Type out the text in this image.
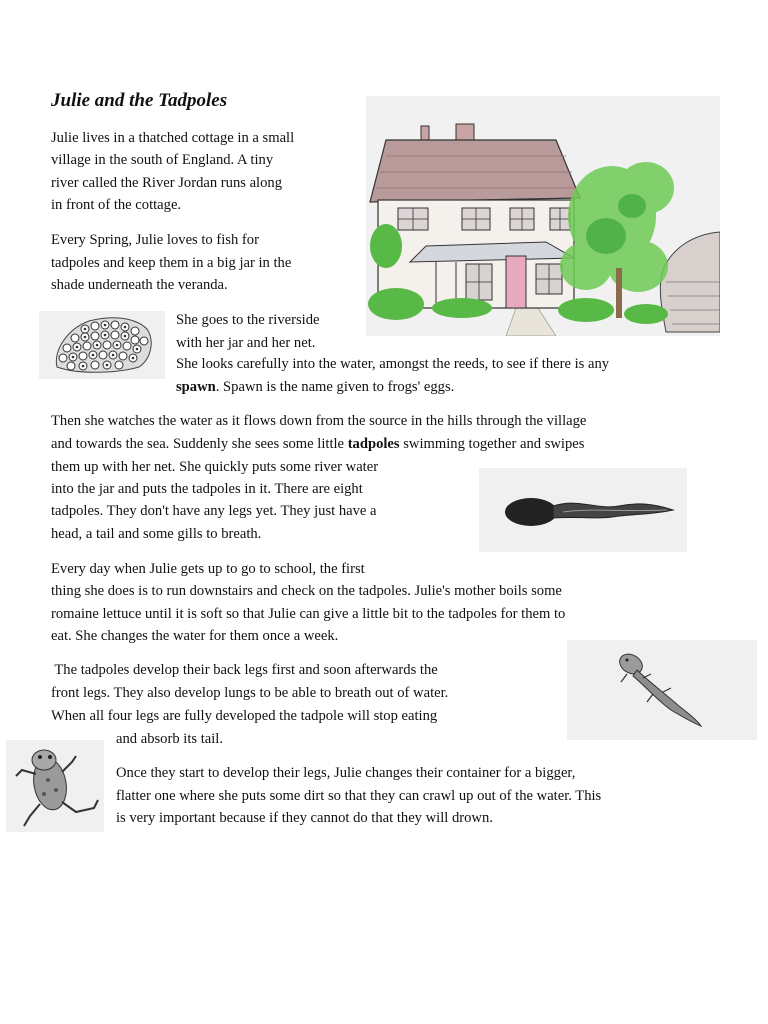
Julie and the Tadpoles

Julie lives in a thatched cottage in a small

village in the south of England. A tiny

river called the River Jordan runs along

in front of the cottage.

Every Spring, Julie loves to fish for

tadpoles and keep them in a big jar in the

shade underneath the veranda.

She goes to the riverside

with her jar and her net.

She looks carefully into the water, amongst the reeds, to see if there is any

spawn. Spawn is the name given to frogs' eggs.

Then she watches the water as it flows down from the source in the hills through the village

and towards the sea. Suddenly she sees some little tadpoles swimming together and swipes

them up with her net. She quickly puts some river water

into the jar and puts the tadpoles in it. There are eight

tadpoles. They don't have any legs yet. They just have a

head, a tail and some gills to breath.

Every day when Julie gets up to go to school, the first

thing she does is to run downstairs and check on the tadpoles. Julie's mother boils some

romaine lettuce until it is soft so that Julie can give a little bit to the tadpoles for them to

eat. She changes the water for them once a week.

The tadpoles develop their back legs first and soon afterwards the

front legs. They also develop lungs to be able to breath out of water.

When all four legs are fully developed the tadpole will stop eating

and absorb its tail.

Once they start to develop their legs, Julie changes their container for a bigger,

flatter one where she puts some dirt so that they can crawl up out of the water. This

is very important because if they cannot do that they will drown.
